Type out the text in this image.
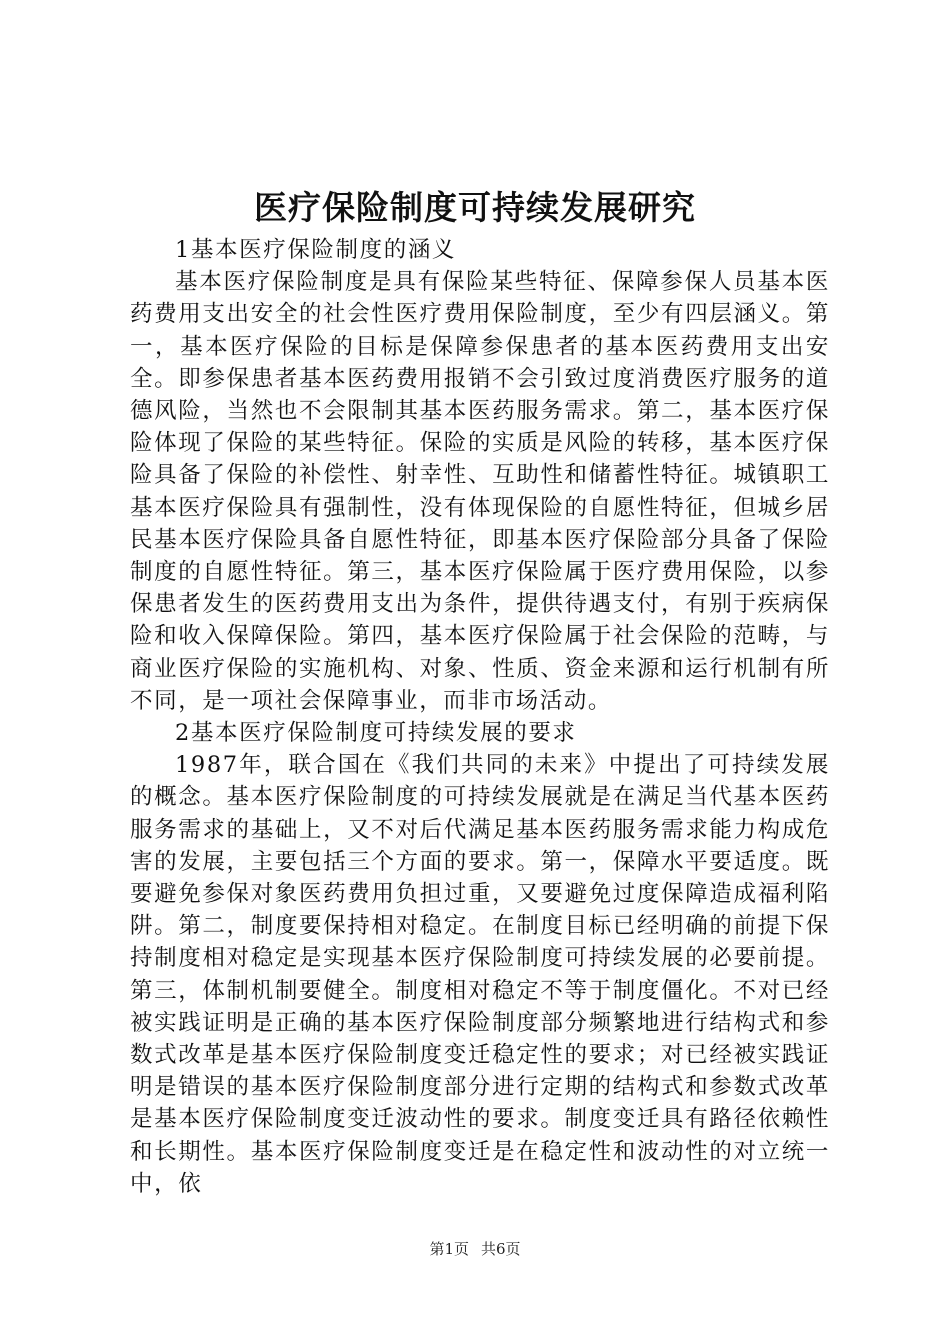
医疗保险制度可持续发展研究

1基本医疗保险制度的涵义

基本医疗保险制度是具有保险某些特征、保障参保人员基本医药费用支出安全的社会性医疗费用保险制度，至少有四层涵义。第一，基本医疗保险的目标是保障参保患者的基本医药费用支出安全。即参保患者基本医药费用报销不会引致过度消费医疗服务的道德风险，当然也不会限制其基本医药服务需求。第二，基本医疗保险体现了保险的某些特征。保险的实质是风险的转移，基本医疗保险具备了保险的补偿性、射幸性、互助性和储蓄性特征。城镇职工基本医疗保险具有强制性，没有体现保险的自愿性特征，但城乡居民基本医疗保险具备自愿性特征，即基本医疗保险部分具备了保险制度的自愿性特征。第三，基本医疗保险属于医疗费用保险，以参保患者发生的医药费用支出为条件，提供待遇支付，有别于疾病保险和收入保障保险。第四，基本医疗保险属于社会保险的范畴，与商业医疗保险的实施机构、对象、性质、资金来源和运行机制有所不同，是一项社会保障事业，而非市场活动。

2基本医疗保险制度可持续发展的要求

1987年，联合国在《我们共同的未来》中提出了可持续发展的概念。基本医疗保险制度的可持续发展就是在满足当代基本医药服务需求的基础上，又不对后代满足基本医药服务需求能力构成危害的发展，主要包括三个方面的要求。第一，保障水平要适度。既要避免参保对象医药费用负担过重，又要避免过度保障造成福利陷阱。第二，制度要保持相对稳定。在制度目标已经明确的前提下保持制度相对稳定是实现基本医疗保险制度可持续发展的必要前提。第三，体制机制要健全。制度相对稳定不等于制度僵化。不对已经被实践证明是正确的基本医疗保险制度部分频繁地进行结构式和参数式改革是基本医疗保险制度变迁稳定性的要求；对已经被实践证明是错误的基本医疗保险制度部分进行定期的结构式和参数式改革是基本医疗保险制度变迁波动性的要求。制度变迁具有路径依赖性和长期性。基本医疗保险制度变迁是在稳定性和波动性的对立统一中，依

第1页 共6页
